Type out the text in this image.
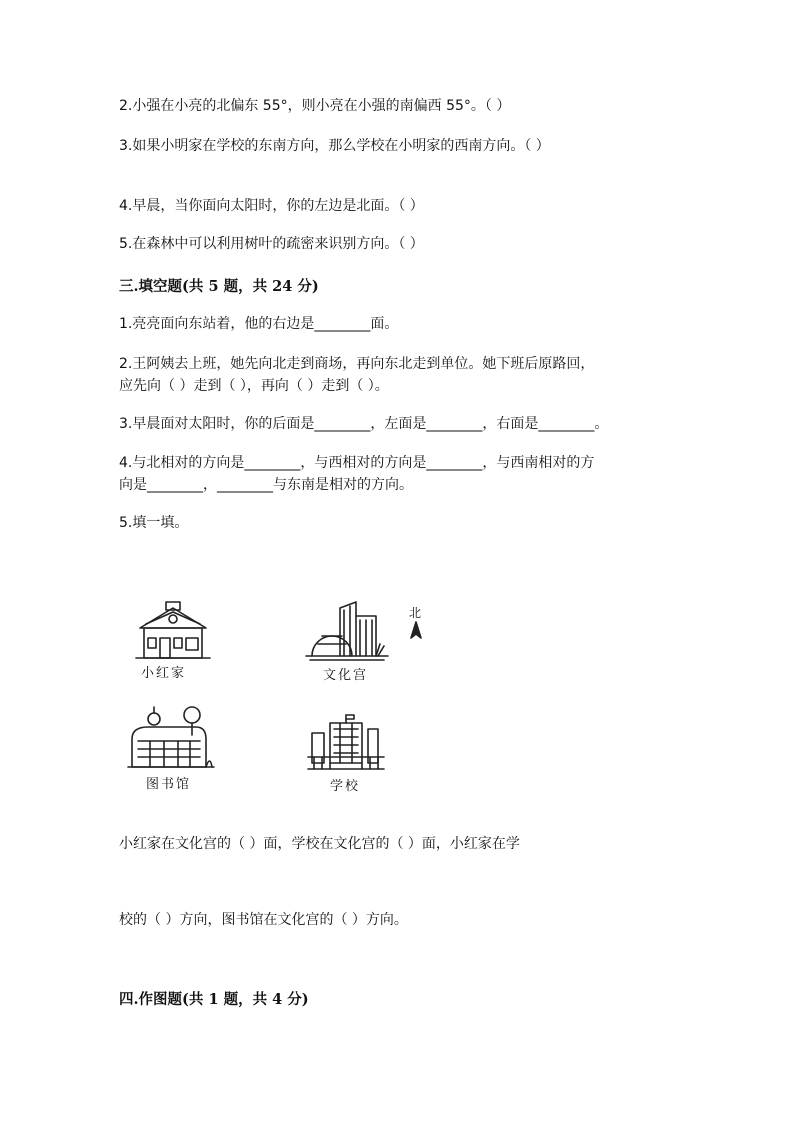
2.小强在小亮的北偏东 55°，则小亮在小强的南偏西 55°。（ ）
3.如果小明家在学校的东南方向，那么学校在小明家的西南方向。（ ）
4.早晨，当你面向太阳时，你的左边是北面。（ ）
5.在森林中可以利用树叶的疏密来识别方向。（ ）
三.填空题(共 5 题，共 24 分)
1.亮亮面向东站着，他的右边是________面。
2.王阿姨去上班，她先向北走到商场，再向东北走到单位。她下班后原路回，
应先向（ ）走到（ ），再向（ ）走到（ ）。
3.早晨面对太阳时，你的后面是________，左面是________，右面是________。
4.与北相对的方向是________，与西相对的方向是________，与西南相对的方
向是________，________与东南是相对的方向。
5.填一填。
小红家	文化宫
北
图书馆	学校
小红家在文化宫的（ ）面，学校在文化宫的（ ）面，小红家在学
校的（ ）方向，图书馆在文化宫的（ ）方向。
四.作图题(共 1 题，共 4 分)
